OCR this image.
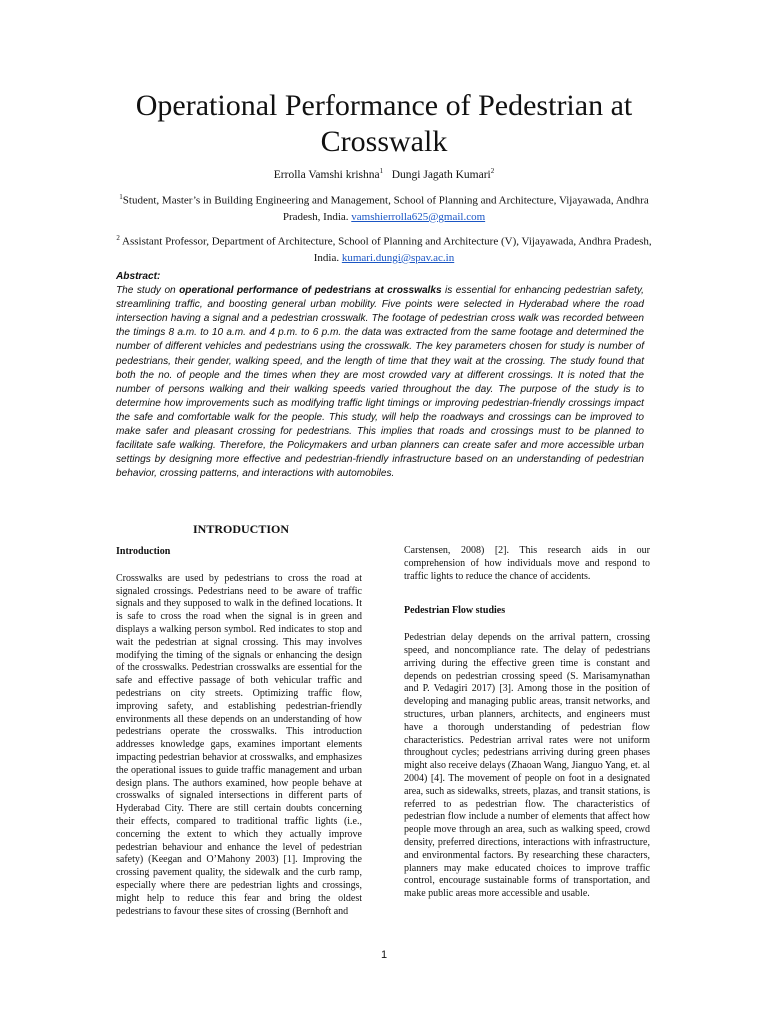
Operational Performance of Pedestrian at Crosswalk
Errolla Vamshi krishna$^1$ Dungi Jagath Kumari$^2$
$^1$Student, Master’s in Building Engineering and Management, School of Planning and Architecture, Vijayawada, Andhra Pradesh, India. vamshierrolla625@gmail.com
$^2$ Assistant Professor, Department of Architecture, School of Planning and Architecture (V), Vijayawada, Andhra Pradesh, India. kumari.dungi@spav.ac.in
Abstract:

The study on operational performance of pedestrians at crosswalks is essential for enhancing pedestrian safety, streamlining traffic, and boosting general urban mobility. Five points were selected in Hyderabad where the road intersection having a signal and a pedestrian crosswalk. The footage of pedestrian cross walk was recorded between the timings 8 a.m. to 10 a.m. and 4 p.m. to 6 p.m. the data was extracted from the same footage and determined the number of different vehicles and pedestrians using the crosswalk. The key parameters chosen for study is number of pedestrians, their gender, walking speed, and the length of time that they wait at the crossing. The study found that both the no. of people and the times when they are most crowded vary at different crossings. It is noted that the number of persons walking and their walking speeds varied throughout the day. The purpose of the study is to determine how improvements such as modifying traffic light timings or improving pedestrian-friendly crossings impact the safe and comfortable walk for the people. This study, will help the roadways and crossings can be improved to make safer and pleasant crossing for pedestrians. This implies that roads and crossings must to be planned to facilitate safe walking. Therefore, the Policymakers and urban planners can create safer and more accessible urban settings by designing more effective and pedestrian-friendly infrastructure based on an understanding of pedestrian behavior, crossing patterns, and interactions with automobiles.

INTRODUCTION
Introduction

Crosswalks are used by pedestrians to cross the road at signaled crossings. Pedestrians need to be aware of traffic signals and they supposed to walk in the defined locations. It is safe to cross the road when the signal is in green and displays a walking person symbol. Red indicates to stop and wait the pedestrian at signal crossing. This may involves modifying the timing of the signals or enhancing the design of the crosswalks. Pedestrian crosswalks are essential for the safe and effective passage of both vehicular traffic and pedestrians on city streets. Optimizing traffic flow, improving safety, and establishing pedestrian-friendly environments all these depends on an understanding of how pedestrians operate the crosswalks. This introduction addresses knowledge gaps, examines important elements impacting pedestrian behavior at crosswalks, and emphasizes the operational issues to guide traffic management and urban design plans. The authors examined, how people behave at crosswalks of signaled intersections in different parts of Hyderabad City. There are still certain doubts concerning their effects, compared to traditional traffic lights (i.e., concerning the extent to which they actually improve pedestrian behaviour and enhance the level of pedestrian safety) (Keegan and O’Mahony 2003) [1]. Improving the crossing pavement quality, the sidewalk and the curb ramp, especially where there are pedestrian lights and crossings, might help to reduce this fear and bring the oldest pedestrians to favour these sites of crossing (Bernhoft and

Carstensen, 2008) [2]. This research aids in our comprehension of how individuals move and respond to traffic lights to reduce the chance of accidents.

Pedestrian Flow studies

Pedestrian delay depends on the arrival pattern, crossing speed, and noncompliance rate. The delay of pedestrians arriving during the effective green time is constant and depends on pedestrian crossing speed (S. Marisamynathan and P. Vedagiri 2017) [3]. Among those in the position of developing and managing public areas, transit networks, and structures, urban planners, architects, and engineers must have a thorough understanding of pedestrian flow characteristics. Pedestrian arrival rates were not uniform throughout cycles; pedestrians arriving during green phases might also receive delays (Zhaoan Wang, Jianguo Yang, et. al 2004) [4]. The movement of people on foot in a designated area, such as sidewalks, streets, plazas, and transit stations, is referred to as pedestrian flow. The characteristics of pedestrian flow include a number of elements that affect how people move through an area, such as walking speed, crowd density, preferred directions, interactions with infrastructure, and environmental factors. By researching these characters, planners may make educated choices to improve traffic control, encourage sustainable forms of transportation, and make public areas more accessible and usable.

1
